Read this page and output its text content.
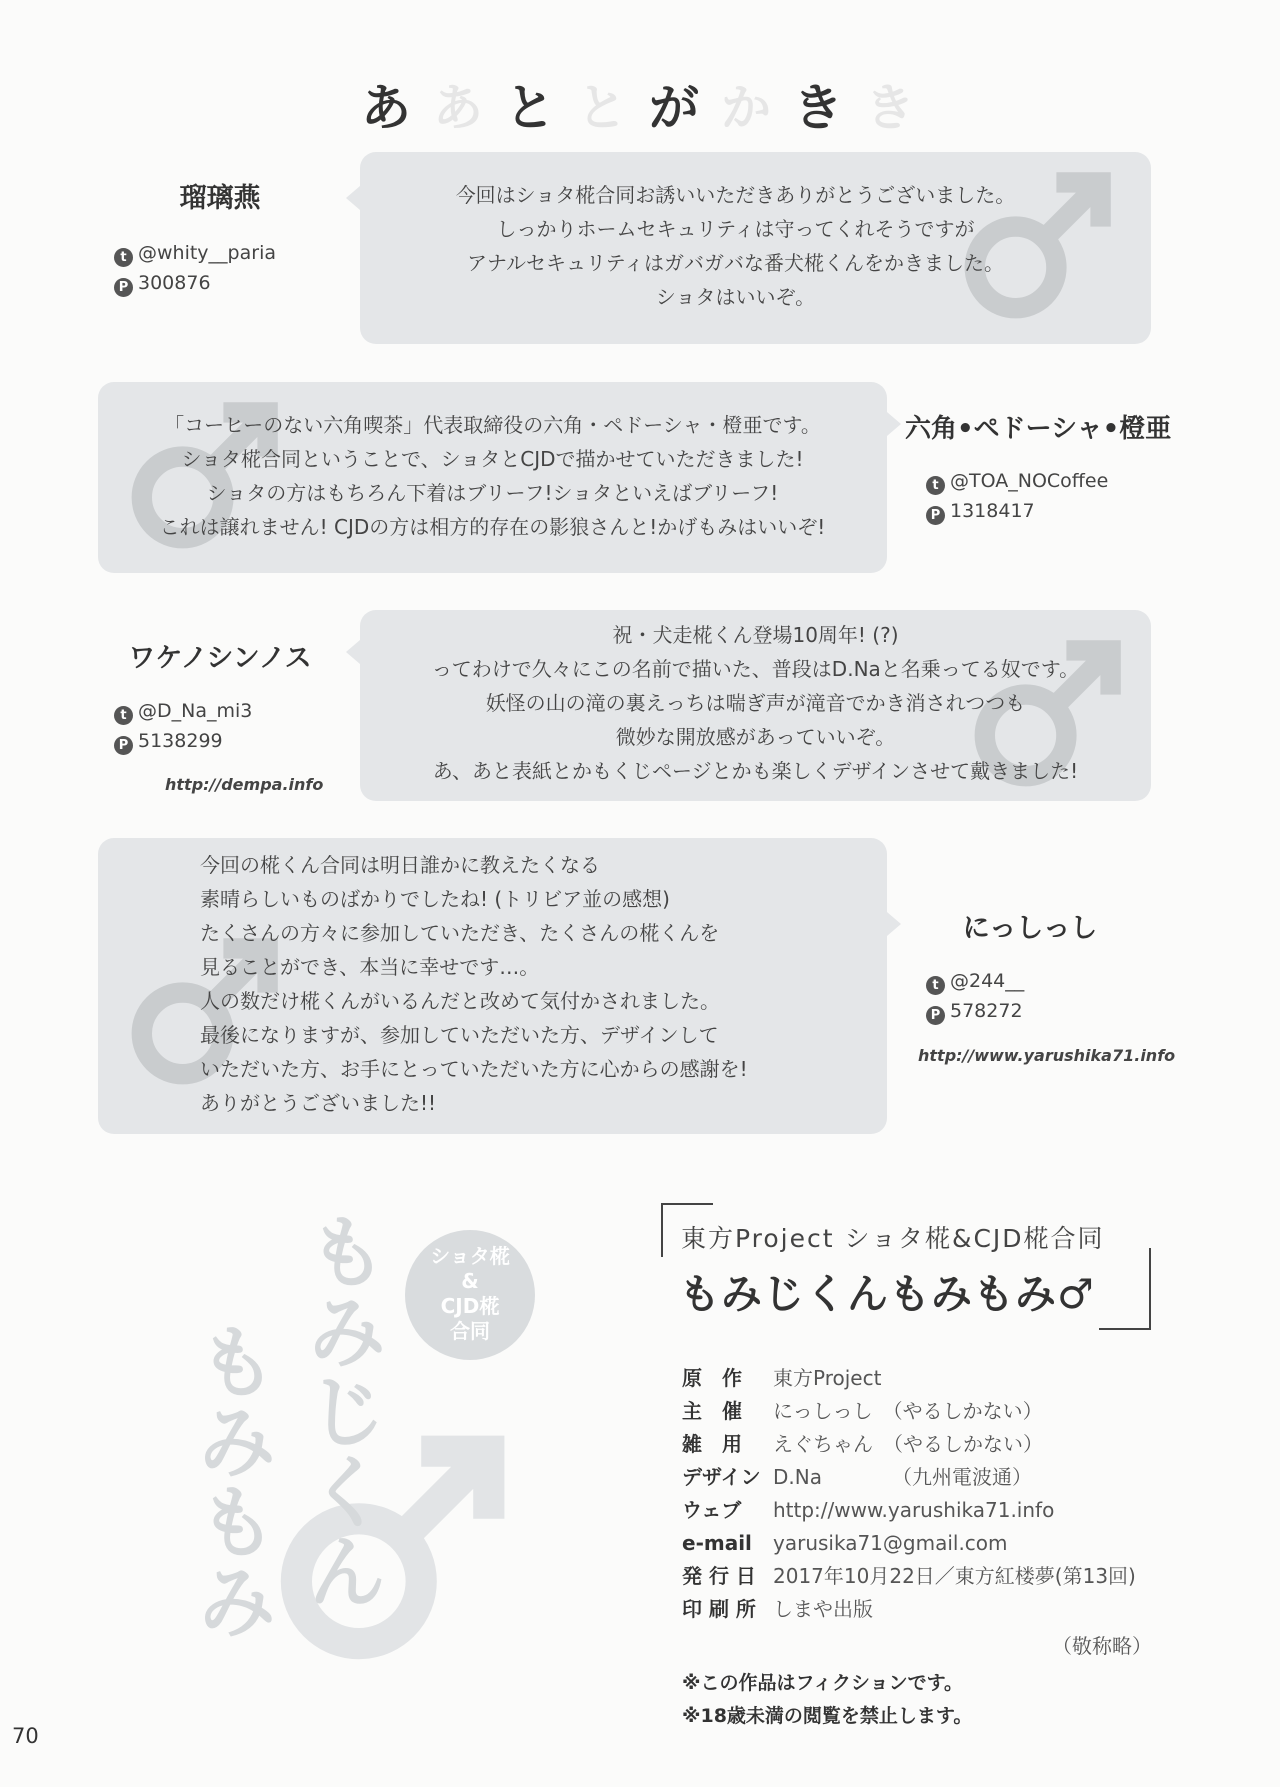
あ あ と と が か き き
瑠璃燕
t @whity__paria
P 300876
今回はショタ椛合同お誘いいただきありがとうございました。
しっかりホームセキュリティは守ってくれそうですが
アナルセキュリティはガバガバな番犬椛くんをかきました。
ショタはいいぞ。
「コーヒーのない六角喫茶」代表取締役の六角・ペドーシャ・橙亜です。
ショタ椛合同ということで、ショタとCJDで描かせていただきました!
ショタの方はもちろん下着はブリーフ!ショタといえばブリーフ!
これは譲れません! CJDの方は相方的存在の影狼さんと!かげもみはいいぞ!
六角•ペドーシャ•橙亜
t @TOA_NOCoffee
P 1318417
ワケノシンノス
t @D_Na_mi3
P 5138299
http://dempa.info
祝・犬走椛くん登場10周年! (?)
ってわけで久々にこの名前で描いた、普段はD.Naと名乗ってる奴です。
妖怪の山の滝の裏えっちは喘ぎ声が滝音でかき消されつつも
微妙な開放感があっていいぞ。
あ、あと表紙とかもくじページとかも楽しくデザインさせて戴きました!
今回の椛くん合同は明日誰かに教えたくなる
素晴らしいものばかりでしたね! (トリビア並の感想)
たくさんの方々に参加していただき、たくさんの椛くんを
見ることができ、本当に幸せです…。
人の数だけ椛くんがいるんだと改めて気付かされました。
最後になりますが、参加していただいた方、デザインして
いただいた方、お手にとっていただいた方に心からの感謝を!
ありがとうございました!!
にっしっし
t @244__
P 578272
http://www.yarushika71.info
もみもみ もみじくん	ショタ椛
&
CJD椛
合同
東方Project ショタ椛&CJD椛合同
もみじくんもみもみ♂
原　作	東方Project
主　催	にっしっし　（やるしかない）
雑　用	えぐちゃん　（やるしかない）
デザイン D.Na　　　　（九州電波通）
ウェブ	http://www.yarushika71.info
e-mail	yarusika71@gmail.com
発 行 日 2017年10月22日／東方紅楼夢(第13回)
印 刷 所 しまや出版
（敬称略）
※この作品はフィクションです。
※18歳未満の閲覧を禁止します。
70
